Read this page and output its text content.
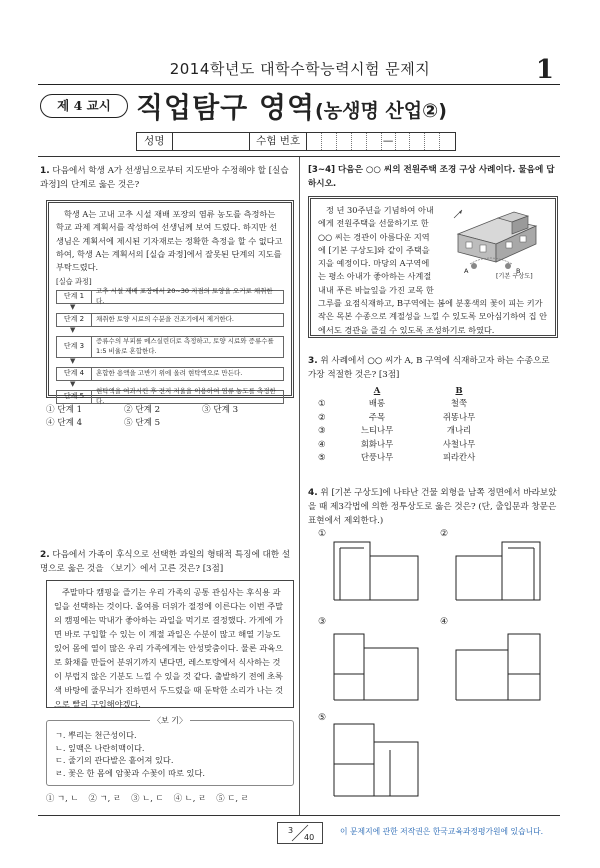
2014학년도 대학수학능력시험 문제지	1
제 4 교시 직업탐구 영역(농생명 산업②)
성명	수험 번호	—
1. 다음에서 학생 A가 선생님으로부터 지도받아 수정해야 할 [실습 과정]의 단계로 옳은 것은?
학생 A는 고내 고추 시설 재배 포장의 염류 농도를 측정하는 학교 과제 계획서를 작성하여 선생님께 보여 드렸다. 하지만 선생님은 계획서에 제시된 기자재로는 정확한 측정을 할 수 없다고 하여, 학생 A는 계획서의 [실습 과정]에서 잘못된 단계의 지도를 부탁드렸다.
[실습 과정]
단계 1
고추 시설 재배 포장에서 20~30 지점의 토양을 오거로 채취한다.
▼
단계 2	채취한 토양 시료의 수분을 건조기에서 제거한다.
▼
단계 3
증류수의 부피를 메스실린더로 측정하고, 토양 시료와 증류수를 1:5 비율로 혼합한다.
▼
단계 4	혼합한 용액을 고반기 위에 올려 현탁액으로 만든다.
▼
단계 5
현탁액을 여과시킨 후 전지 저울을 이용하여 염류 농도를 측정한다.
① 단계 1	② 단계 2	③ 단계 3
④ 단계 4	⑤ 단계 5
2. 다음에서 가족이 후식으로 선택한 과일의 형태적 특징에 대한 설명으로 옳은 것을 〈보기〉에서 고른 것은? [3점]
주말마다 캠핑을 즐기는 우리 가족의 공통 관심사는 후식용 과일을 선택하는 것이다. 올여름 더위가 절정에 이른다는 이번 주말의 캠핑에는 막내가 좋아하는 과일을 먹기로 결정했다. 가게에 가면 바로 구입할 수 있는 이 계절 과일은 수분이 많고 해열 기능도 있어 몸에 열이 많은 우리 가족에게는 안성맞춤이다. 물론 과육으로 화채를 만들어 분위기까지 낸다면, 레스토랑에서 식사하는 것이 부럽지 않은 기분도 느낄 수 있을 것 같다. 출발하기 전에 초록색 바탕에 줄무늬가 진하면서 두드렸을 때 둔탁한 소리가 나는 것으로 빨리 구입해야겠다.
〈보 기〉
ㄱ. 뿌리는 천근성이다.
ㄴ. 잎맥은 나란히맥이다.
ㄷ. 줄기의 관다발은 흩어져 있다.
ㄹ. 꽃은 한 몸에 암꽃과 수꽃이 따로 있다.
① ㄱ, ㄴ ② ㄱ, ㄹ ③ ㄴ, ㄷ ④ ㄴ, ㄹ ⑤ ㄷ, ㄹ
[3~4] 다음은 ○○ 씨의 전원주택 조경 구상 사례이다. 물음에 답하시오.
A	B
[기본 구상도]
정 년 30주년을 기념하여 아내에게 전원주택을 선물하기로 한 ○○ 씨는 경관이 아름다운 지역에 [기본 구상도]와 같이 주택을 지을 예정이다. 마당의 A구역에는 평소 아내가 좋아하는 사계절 내내 푸른 바늘잎을 가진 교목 한 그루를 요점식재하고, B구역에는 봄에 분홍색의 꽃이 피는 키가 작은 목본 수종으로 계절성을 느낄 수 있도록 모아심기하여 집 안에서도 경관을 즐길 수 있도록 조성하기로 하였다.
3. 위 사례에서 ○○ 씨가 A, B 구역에 식재하고자 하는 수종으로 가장 적절한 것은? [3점]
A	B
①	배롱	철쭉
②	주목	쥐똥나무
③	느티나무	개나리
④	회화나무	사철나무
⑤	단풍나무	피라칸사
4. 위 [기본 구상도]에 나타난 건물 외형을 남쪽 정면에서 바라보았을 때 제3각법에 의한 정투상도로 옳은 것은? (단, 출입문과 창문은 표현에서 제외한다.)
①	②
③	④
⑤
3
40
이 문제지에 관한 저작권은 한국교육과정평가원에 있습니다.
